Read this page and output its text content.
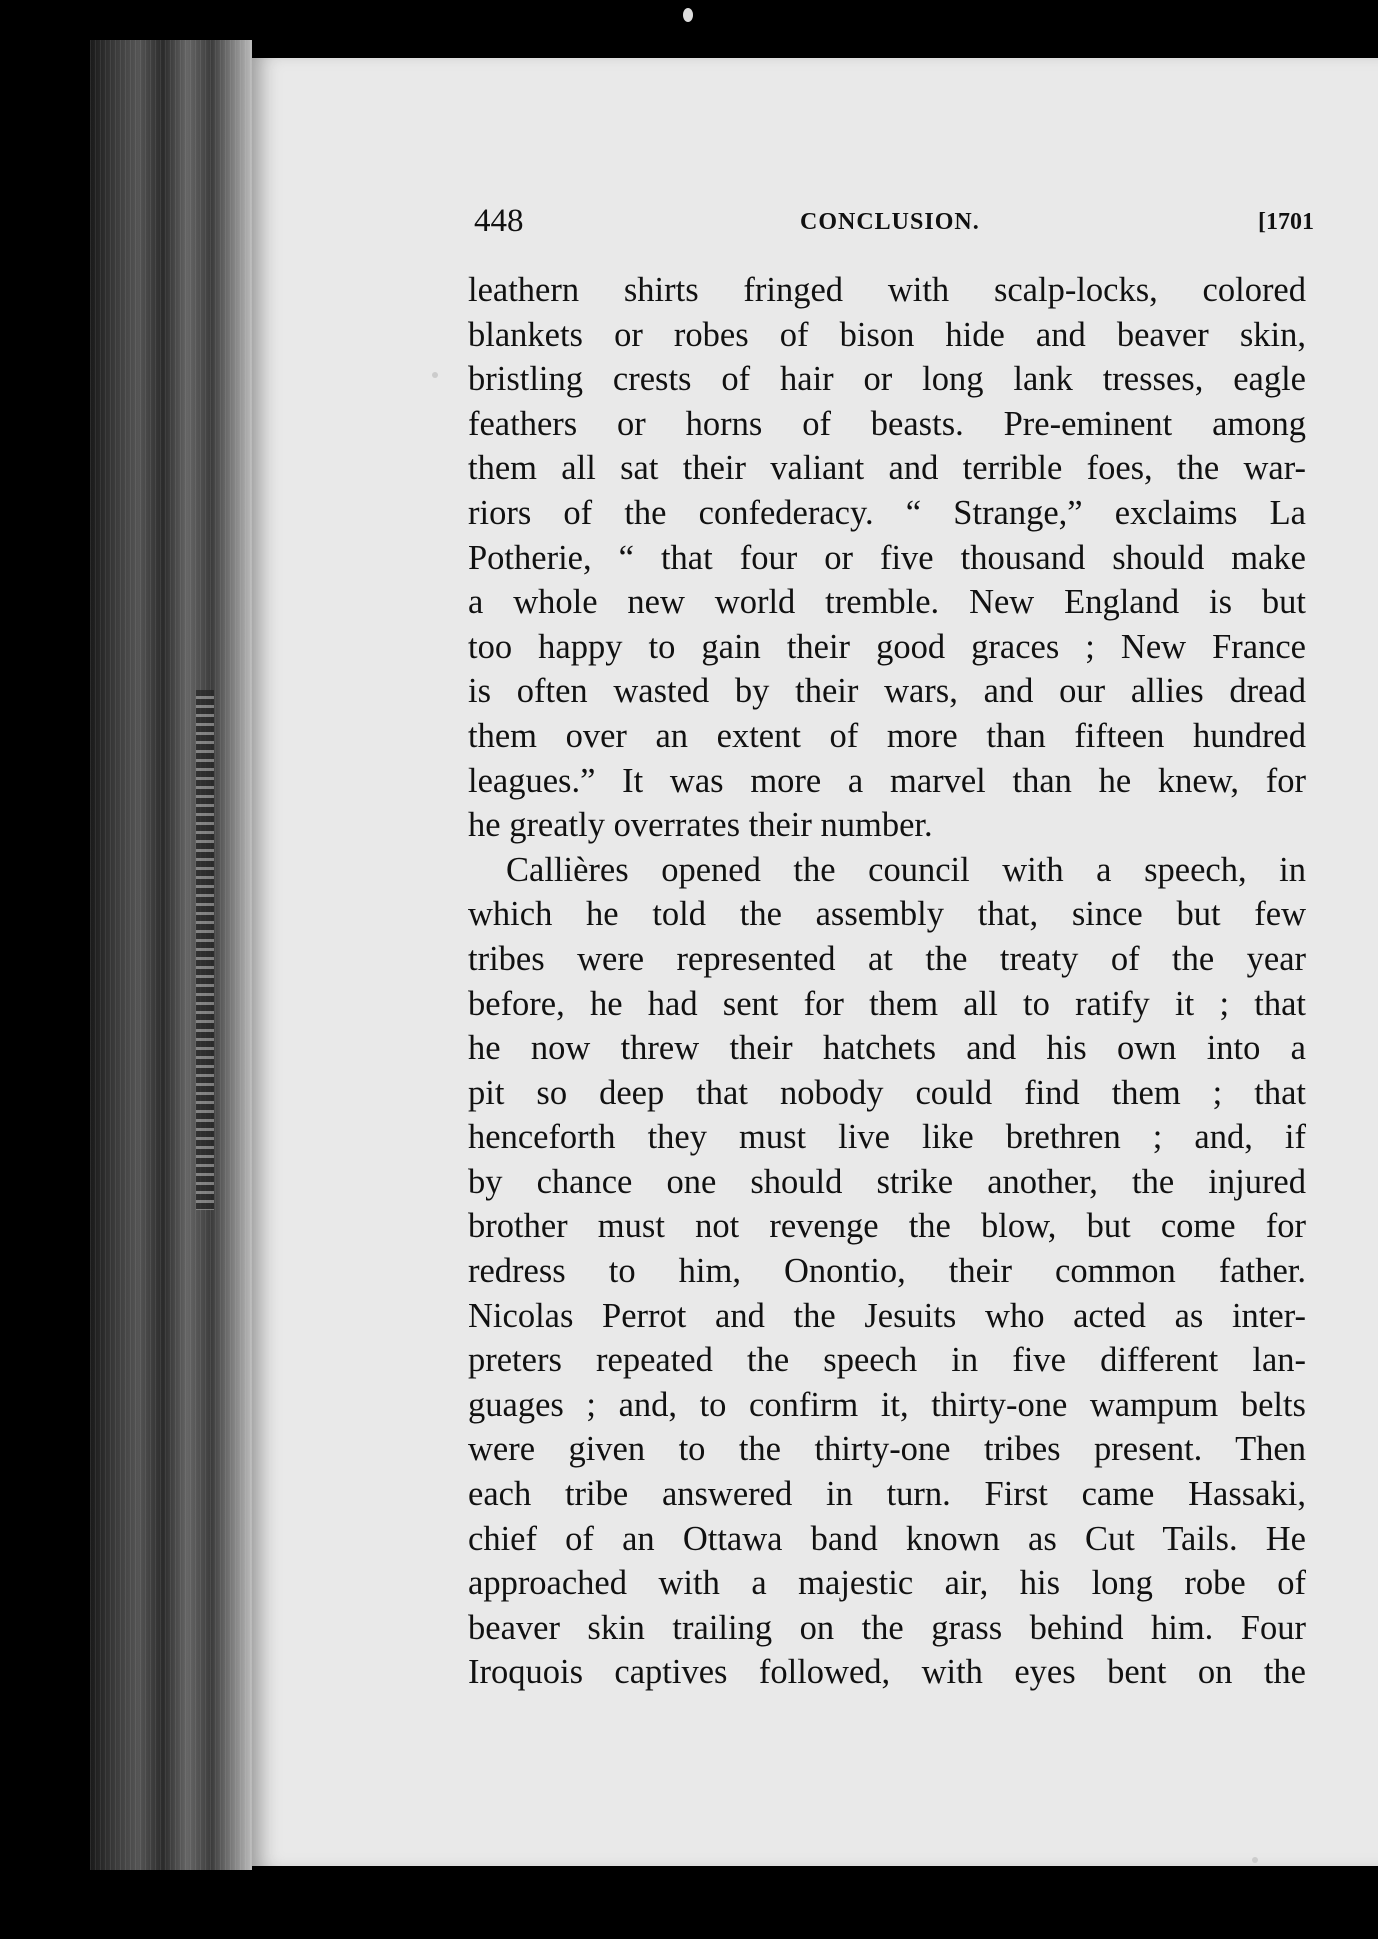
448	CONCLUSION.	[1701
leathern shirts fringed with scalp-locks, colored
blankets or robes of bison hide and beaver skin,
bristling crests of hair or long lank tresses, eagle
feathers or horns of beasts. Pre-eminent among
them all sat their valiant and terrible foes, the war-
riors of the confederacy. “ Strange,” exclaims La
Potherie, “ that four or five thousand should make
a whole new world tremble. New England is but
too happy to gain their good graces ; New France
is often wasted by their wars, and our allies dread
them over an extent of more than fifteen hundred
leagues.” It was more a marvel than he knew, for
he greatly overrates their number.
Callières opened the council with a speech, in
which he told the assembly that, since but few
tribes were represented at the treaty of the year
before, he had sent for them all to ratify it ; that
he now threw their hatchets and his own into a
pit so deep that nobody could find them ; that
henceforth they must live like brethren ; and, if
by chance one should strike another, the injured
brother must not revenge the blow, but come for
redress to him, Onontio, their common father.
Nicolas Perrot and the Jesuits who acted as inter-
preters repeated the speech in five different lan-
guages ; and, to confirm it, thirty-one wampum belts
were given to the thirty-one tribes present. Then
each tribe answered in turn. First came Hassaki,
chief of an Ottawa band known as Cut Tails. He
approached with a majestic air, his long robe of
beaver skin trailing on the grass behind him. Four
Iroquois captives followed, with eyes bent on the
